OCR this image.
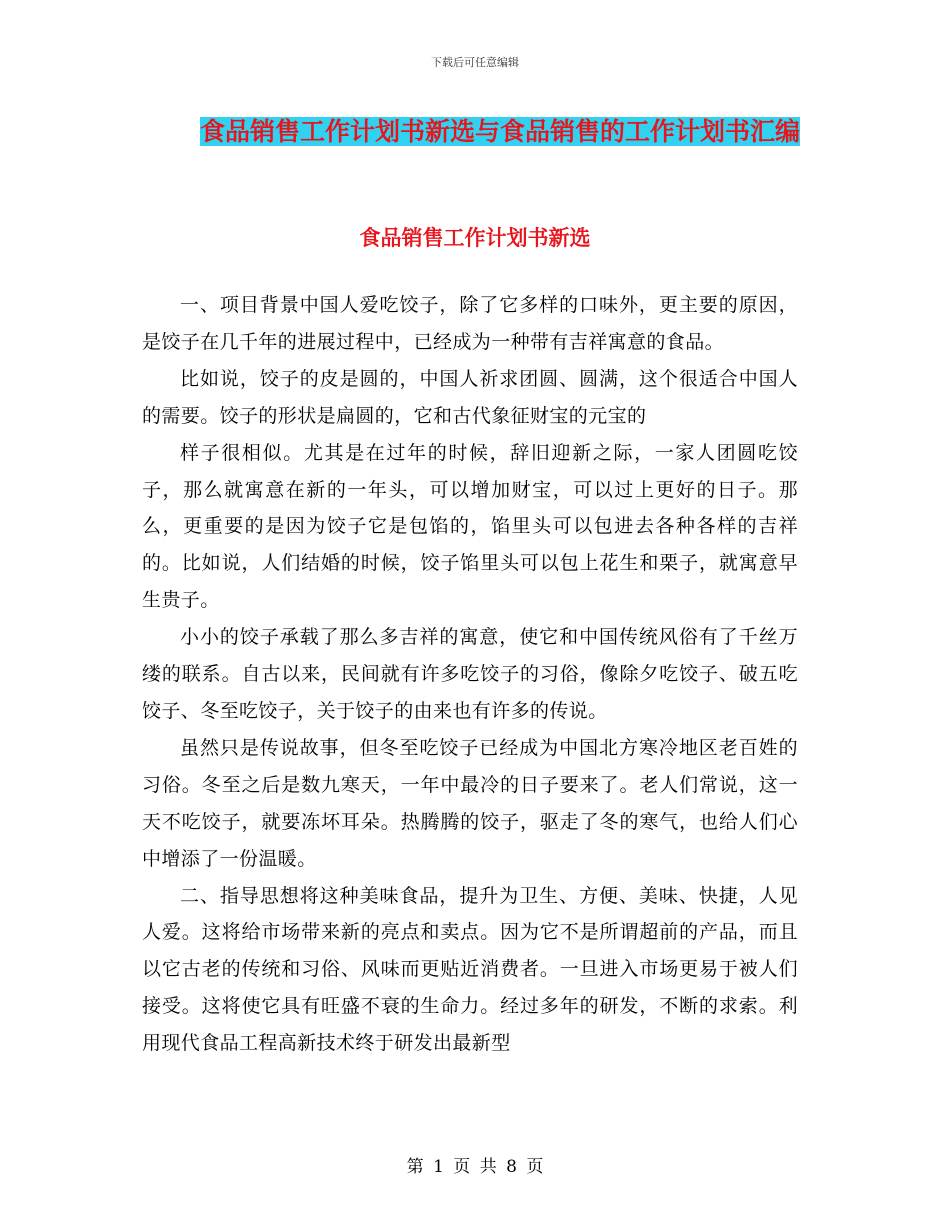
下载后可任意编辑
食品销售工作计划书新选与食品销售的工作计划书汇编
食品销售工作计划书新选

一、项目背景中国人爱吃饺子，除了它多样的口味外，更主要的原因，是饺子在几千年的进展过程中，已经成为一种带有吉祥寓意的食品。

比如说，饺子的皮是圆的，中国人祈求团圆、圆满，这个很适合中国人的需要。饺子的形状是扁圆的，它和古代象征财宝的元宝的

样子很相似。尤其是在过年的时候，辞旧迎新之际，一家人团圆吃饺子，那么就寓意在新的一年头，可以增加财宝，可以过上更好的日子。那么，更重要的是因为饺子它是包馅的，馅里头可以包进去各种各样的吉祥的。比如说，人们结婚的时候，饺子馅里头可以包上花生和栗子，就寓意早生贵子。

小小的饺子承载了那么多吉祥的寓意，使它和中国传统风俗有了千丝万缕的联系。自古以来，民间就有许多吃饺子的习俗，像除夕吃饺子、破五吃饺子、冬至吃饺子，关于饺子的由来也有许多的传说。

虽然只是传说故事，但冬至吃饺子已经成为中国北方寒冷地区老百姓的习俗。冬至之后是数九寒天，一年中最冷的日子要来了。老人们常说，这一天不吃饺子，就要冻坏耳朵。热腾腾的饺子，驱走了冬的寒气，也给人们心中增添了一份温暖。

二、指导思想将这种美味食品，提升为卫生、方便、美味、快捷，人见人爱。这将给市场带来新的亮点和卖点。因为它不是所谓超前的产品，而且以它古老的传统和习俗、风味而更贴近消费者。一旦进入市场更易于被人们接受。这将使它具有旺盛不衰的生命力。经过多年的研发，不断的求索。利用现代食品工程高新技术终于研发出最新型

第 1 页 共 8 页
